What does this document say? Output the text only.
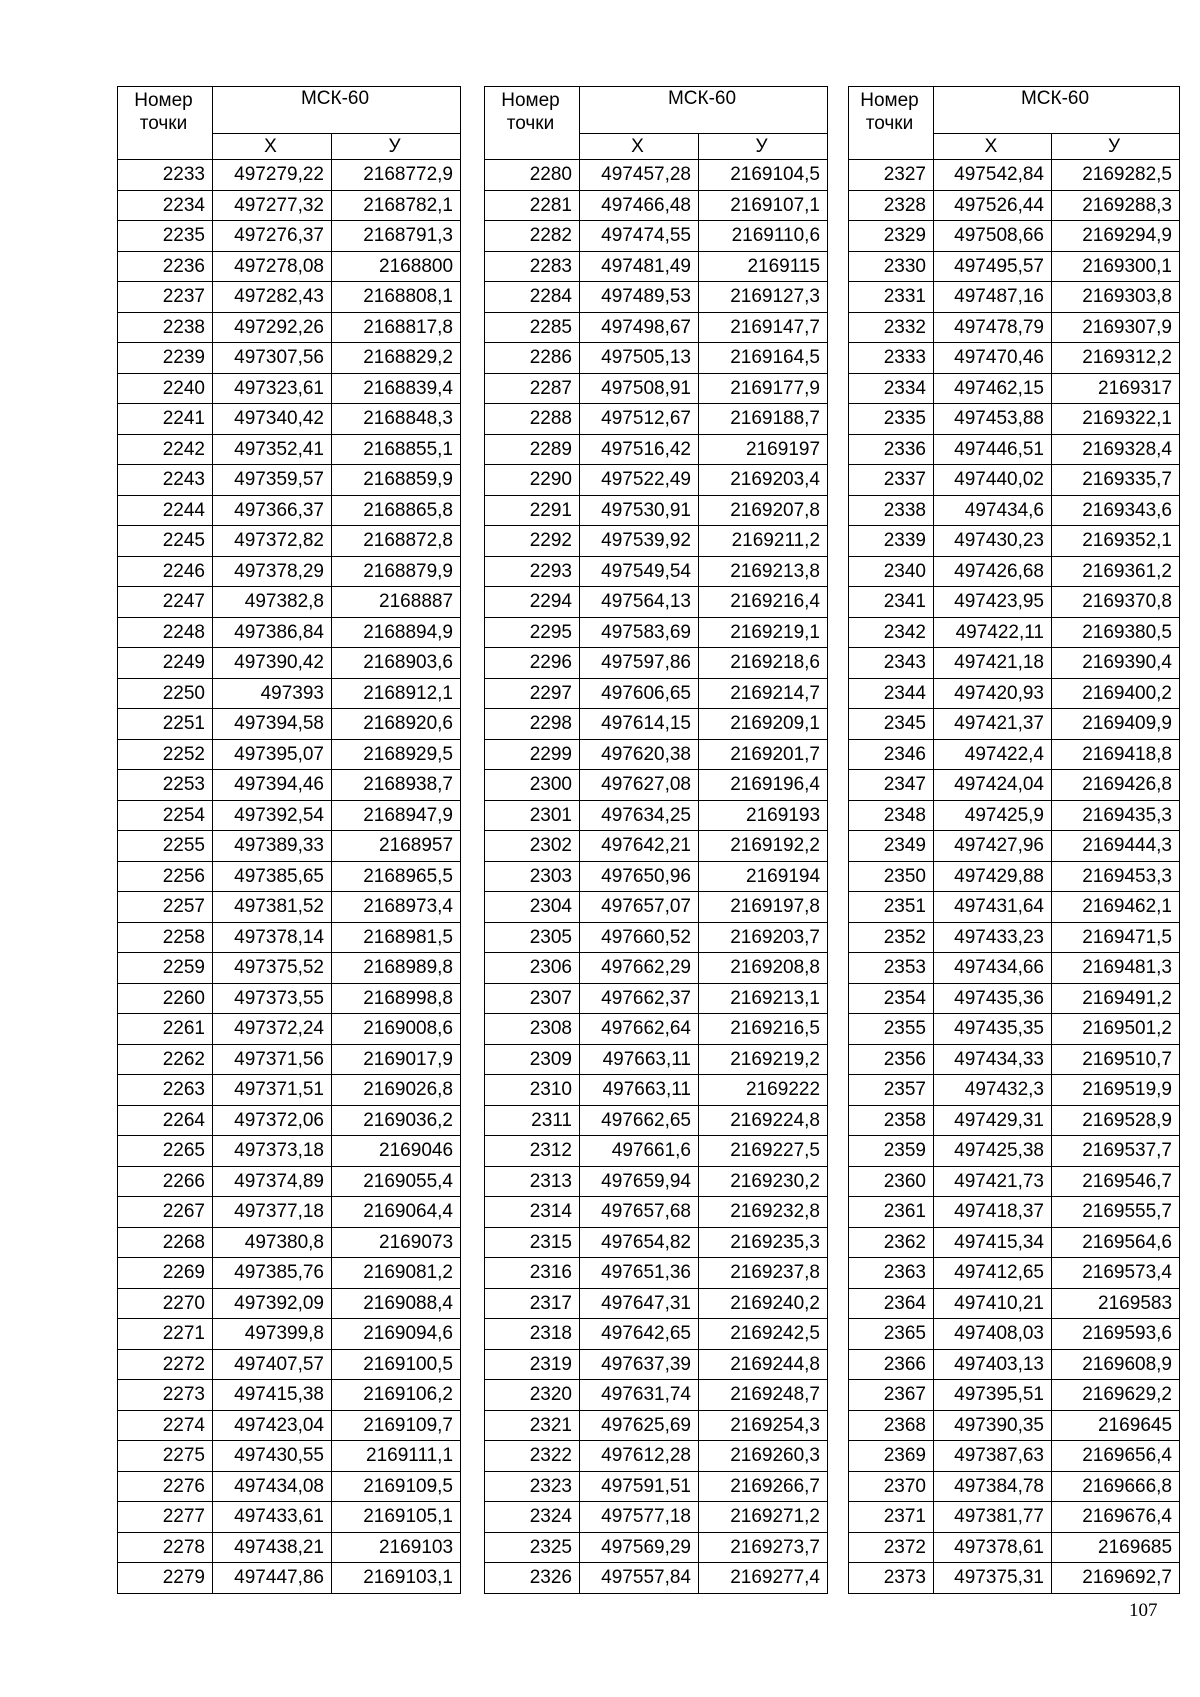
Номер
точки	МСК-60	
	Х	У
2233	497279,22	2168772,9
2234	497277,32	2168782,1
2235	497276,37	2168791,3
2236	497278,08	2168800
2237	497282,43	2168808,1
2238	497292,26	2168817,8
2239	497307,56	2168829,2
2240	497323,61	2168839,4
2241	497340,42	2168848,3
2242	497352,41	2168855,1
2243	497359,57	2168859,9
2244	497366,37	2168865,8
2245	497372,82	2168872,8
2246	497378,29	2168879,9
2247	497382,8	2168887
2248	497386,84	2168894,9
2249	497390,42	2168903,6
2250	497393	2168912,1
2251	497394,58	2168920,6
2252	497395,07	2168929,5
2253	497394,46	2168938,7
2254	497392,54	2168947,9
2255	497389,33	2168957
2256	497385,65	2168965,5
2257	497381,52	2168973,4
2258	497378,14	2168981,5
2259	497375,52	2168989,8
2260	497373,55	2168998,8
2261	497372,24	2169008,6
2262	497371,56	2169017,9
2263	497371,51	2169026,8
2264	497372,06	2169036,2
2265	497373,18	2169046
2266	497374,89	2169055,4
2267	497377,18	2169064,4
2268	497380,8	2169073
2269	497385,76	2169081,2
2270	497392,09	2169088,4
2271	497399,8	2169094,6
2272	497407,57	2169100,5
2273	497415,38	2169106,2
2274	497423,04	2169109,7
2275	497430,55	2169111,1
2276	497434,08	2169109,5
2277	497433,61	2169105,1
2278	497438,21	2169103
2279	497447,86	2169103,1
Номер
точки	МСК-60	
	Х	У
2280	497457,28	2169104,5
2281	497466,48	2169107,1
2282	497474,55	2169110,6
2283	497481,49	2169115
2284	497489,53	2169127,3
2285	497498,67	2169147,7
2286	497505,13	2169164,5
2287	497508,91	2169177,9
2288	497512,67	2169188,7
2289	497516,42	2169197
2290	497522,49	2169203,4
2291	497530,91	2169207,8
2292	497539,92	2169211,2
2293	497549,54	2169213,8
2294	497564,13	2169216,4
2295	497583,69	2169219,1
2296	497597,86	2169218,6
2297	497606,65	2169214,7
2298	497614,15	2169209,1
2299	497620,38	2169201,7
2300	497627,08	2169196,4
2301	497634,25	2169193
2302	497642,21	2169192,2
2303	497650,96	2169194
2304	497657,07	2169197,8
2305	497660,52	2169203,7
2306	497662,29	2169208,8
2307	497662,37	2169213,1
2308	497662,64	2169216,5
2309	497663,11	2169219,2
2310	497663,11	2169222
2311	497662,65	2169224,8
2312	497661,6	2169227,5
2313	497659,94	2169230,2
2314	497657,68	2169232,8
2315	497654,82	2169235,3
2316	497651,36	2169237,8
2317	497647,31	2169240,2
2318	497642,65	2169242,5
2319	497637,39	2169244,8
2320	497631,74	2169248,7
2321	497625,69	2169254,3
2322	497612,28	2169260,3
2323	497591,51	2169266,7
2324	497577,18	2169271,2
2325	497569,29	2169273,7
2326	497557,84	2169277,4
Номер
точки	МСК-60	
	Х	У
2327	497542,84	2169282,5
2328	497526,44	2169288,3
2329	497508,66	2169294,9
2330	497495,57	2169300,1
2331	497487,16	2169303,8
2332	497478,79	2169307,9
2333	497470,46	2169312,2
2334	497462,15	2169317
2335	497453,88	2169322,1
2336	497446,51	2169328,4
2337	497440,02	2169335,7
2338	497434,6	2169343,6
2339	497430,23	2169352,1
2340	497426,68	2169361,2
2341	497423,95	2169370,8
2342	497422,11	2169380,5
2343	497421,18	2169390,4
2344	497420,93	2169400,2
2345	497421,37	2169409,9
2346	497422,4	2169418,8
2347	497424,04	2169426,8
2348	497425,9	2169435,3
2349	497427,96	2169444,3
2350	497429,88	2169453,3
2351	497431,64	2169462,1
2352	497433,23	2169471,5
2353	497434,66	2169481,3
2354	497435,36	2169491,2
2355	497435,35	2169501,2
2356	497434,33	2169510,7
2357	497432,3	2169519,9
2358	497429,31	2169528,9
2359	497425,38	2169537,7
2360	497421,73	2169546,7
2361	497418,37	2169555,7
2362	497415,34	2169564,6
2363	497412,65	2169573,4
2364	497410,21	2169583
2365	497408,03	2169593,6
2366	497403,13	2169608,9
2367	497395,51	2169629,2
2368	497390,35	2169645
2369	497387,63	2169656,4
2370	497384,78	2169666,8
2371	497381,77	2169676,4
2372	497378,61	2169685
2373	497375,31	2169692,7
107
